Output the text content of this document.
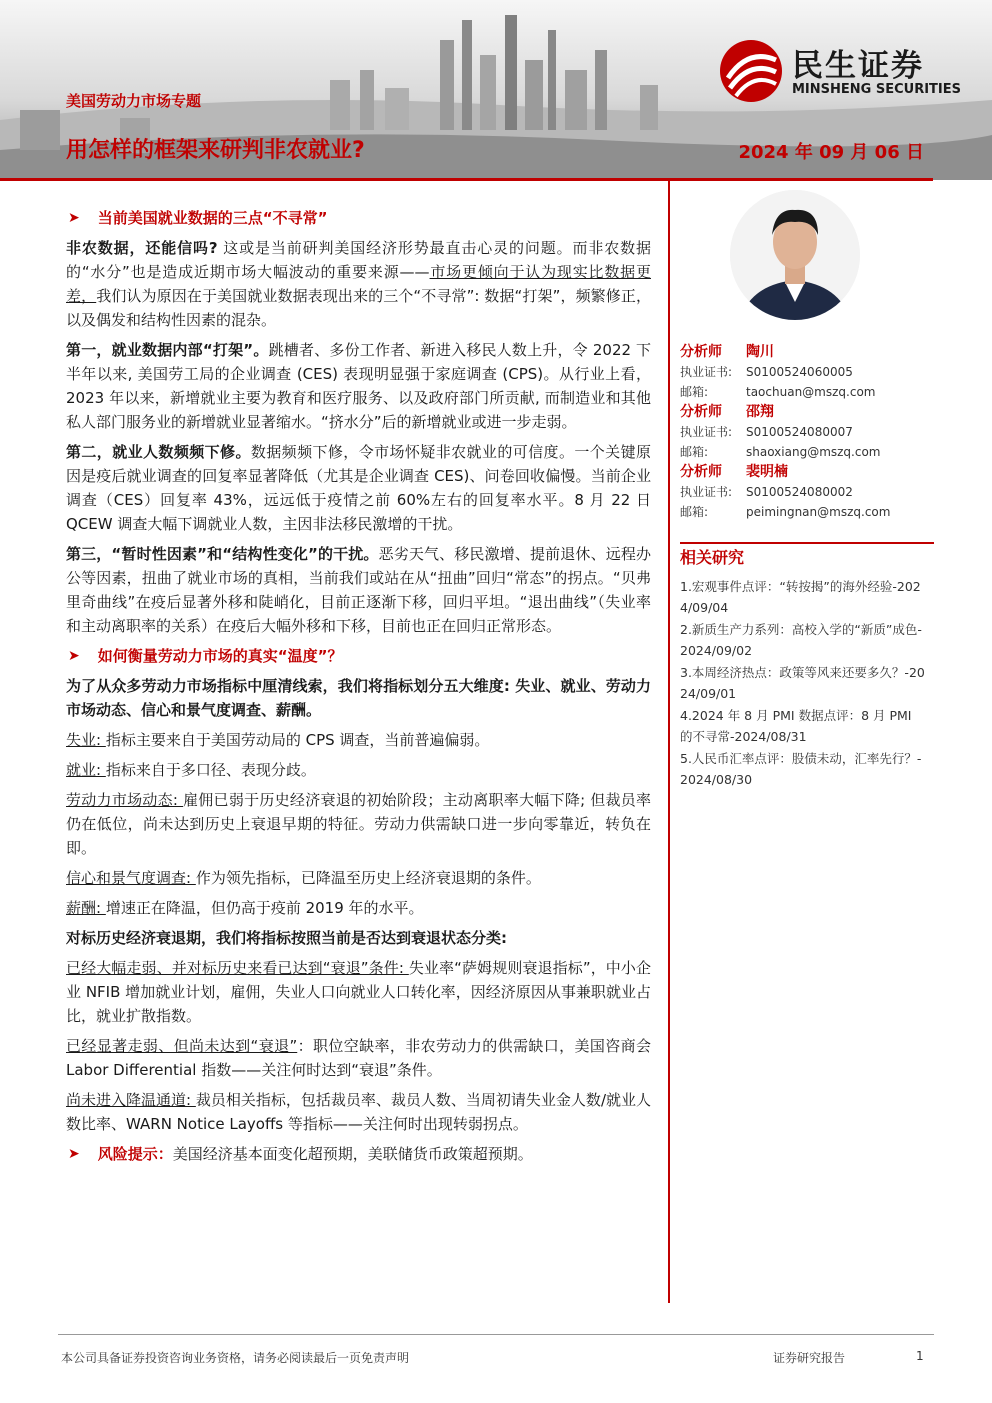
美国劳动力市场专题
用怎样的框架来研判非农就业?	2024 年 09 月 06 日
民生证券
MINSHENG SECURITIES
➤ 当前美国就业数据的三点“不寻常”

非农数据，还能信吗? 这或是当前研判美国经济形势最直击心灵的问题。而非农数据的“水分”也是造成近期市场大幅波动的重要来源——市场更倾向于认为现实比数据更差，我们认为原因在于美国就业数据表现出来的三个“不寻常”: 数据“打架”，频繁修正，以及偶发和结构性因素的混杂。

第一，就业数据内部“打架”。跳槽者、多份工作者、新进入移民人数上升，令 2022 下半年以来, 美国劳工局的企业调查 (CES) 表现明显强于家庭调查 (CPS)。从行业上看，2023 年以来，新增就业主要为教育和医疗服务、以及政府部门所贡献, 而制造业和其他私人部门服务业的新增就业显著缩水。“挤水分”后的新增就业或进一步走弱。

第二，就业人数频频下修。数据频频下修，令市场怀疑非农就业的可信度。一个关键原因是疫后就业调查的回复率显著降低（尤其是企业调查 CES)、问卷回收偏慢。当前企业调查（CES）回复率 43%，远远低于疫情之前 60%左右的回复率水平。8 月 22 日 QCEW 调查大幅下调就业人数，主因非法移民激增的干扰。

第三，“暂时性因素”和“结构性变化”的干扰。恶劣天气、移民激增、提前退休、远程办公等因素，扭曲了就业市场的真相，当前我们或站在从“扭曲”回归“常态”的拐点。“贝弗里奇曲线”在疫后显著外移和陡峭化，目前正逐渐下移，回归平坦。“退出曲线”（失业率和主动离职率的关系）在疫后大幅外移和下移，目前也正在回归正常形态。

➤ 如何衡量劳动力市场的真实“温度”？

为了从众多劳动力市场指标中厘清线索，我们将指标划分五大维度: 失业、就业、劳动力市场动态、信心和景气度调查、薪酬。

失业: 指标主要来自于美国劳动局的 CPS 调查，当前普遍偏弱。

就业: 指标来自于多口径、表现分歧。

劳动力市场动态: 雇佣已弱于历史经济衰退的初始阶段；主动离职率大幅下降; 但裁员率仍在低位，尚未达到历史上衰退早期的特征。劳动力供需缺口进一步向零靠近，转负在即。

信心和景气度调查: 作为领先指标，已降温至历史上经济衰退期的条件。

薪酬: 增速正在降温，但仍高于疫前 2019 年的水平。

对标历史经济衰退期，我们将指标按照当前是否达到衰退状态分类:

已经大幅走弱、并对标历史来看已达到“衰退”条件: 失业率“萨姆规则衰退指标”，中小企业 NFIB 增加就业计划，雇佣，失业人口向就业人口转化率，因经济原因从事兼职就业占比，就业扩散指数。

已经显著走弱、但尚未达到“衰退”：职位空缺率，非农劳动力的供需缺口，美国咨商会 Labor Differential 指数——关注何时达到“衰退”条件。

尚未进入降温通道: 裁员相关指标，包括裁员率、裁员人数、当周初请失业金人数/就业人数比率、WARN Notice Layoffs 等指标——关注何时出现转弱拐点。

➤ 风险提示： 美国经济基本面变化超预期，美联储货币政策超预期。
分析师	陶川
执业证书:	S0100524060005
邮箱:	taochuan@mszq.com
分析师	邵翔
执业证书:	S0100524080007
邮箱:	shaoxiang@mszq.com
分析师	裴明楠
执业证书:	S0100524080002
邮箱:	peimingnan@mszq.com
相关研究
1.宏观事件点评：“转按揭”的海外经验-2024/09/04
2.新质生产力系列：高校入学的“新质”成色-2024/09/02
3.本周经济热点：政策等风来还要多久？-2024/09/01
4.2024 年 8 月 PMI 数据点评：8 月 PMI 的不寻常-2024/08/31
5.人民币汇率点评：股债未动，汇率先行？-2024/08/30
本公司具备证券投资咨询业务资格，请务必阅读最后一页免责声明	证券研究报告	1
